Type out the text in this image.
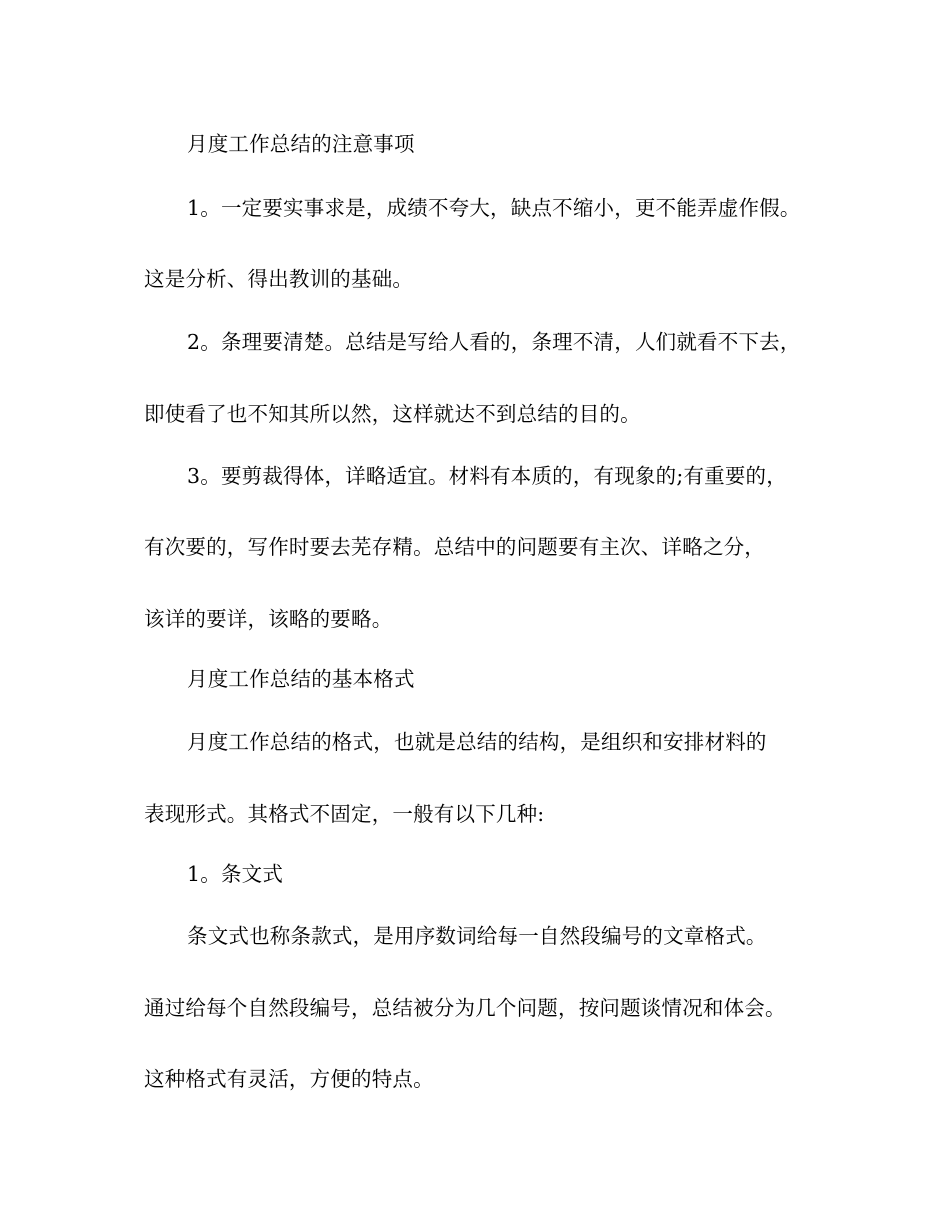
月度工作总结的注意事项
1。一定要实事求是，成绩不夸大，缺点不缩小，更不能弄虚作假。
这是分析、得出教训的基础。
2。条理要清楚。总结是写给人看的，条理不清，人们就看不下去，
即使看了也不知其所以然，这样就达不到总结的目的。
3。要剪裁得体，详略适宜。材料有本质的，有现象的;有重要的，
有次要的，写作时要去芜存精。总结中的问题要有主次、详略之分，
该详的要详，该略的要略。
月度工作总结的基本格式
月度工作总结的格式，也就是总结的结构，是组织和安排材料的
表现形式。其格式不固定，一般有以下几种:
1。条文式
条文式也称条款式，是用序数词给每一自然段编号的文章格式。
通过给每个自然段编号，总结被分为几个问题，按问题谈情况和体会。
这种格式有灵活，方便的特点。
